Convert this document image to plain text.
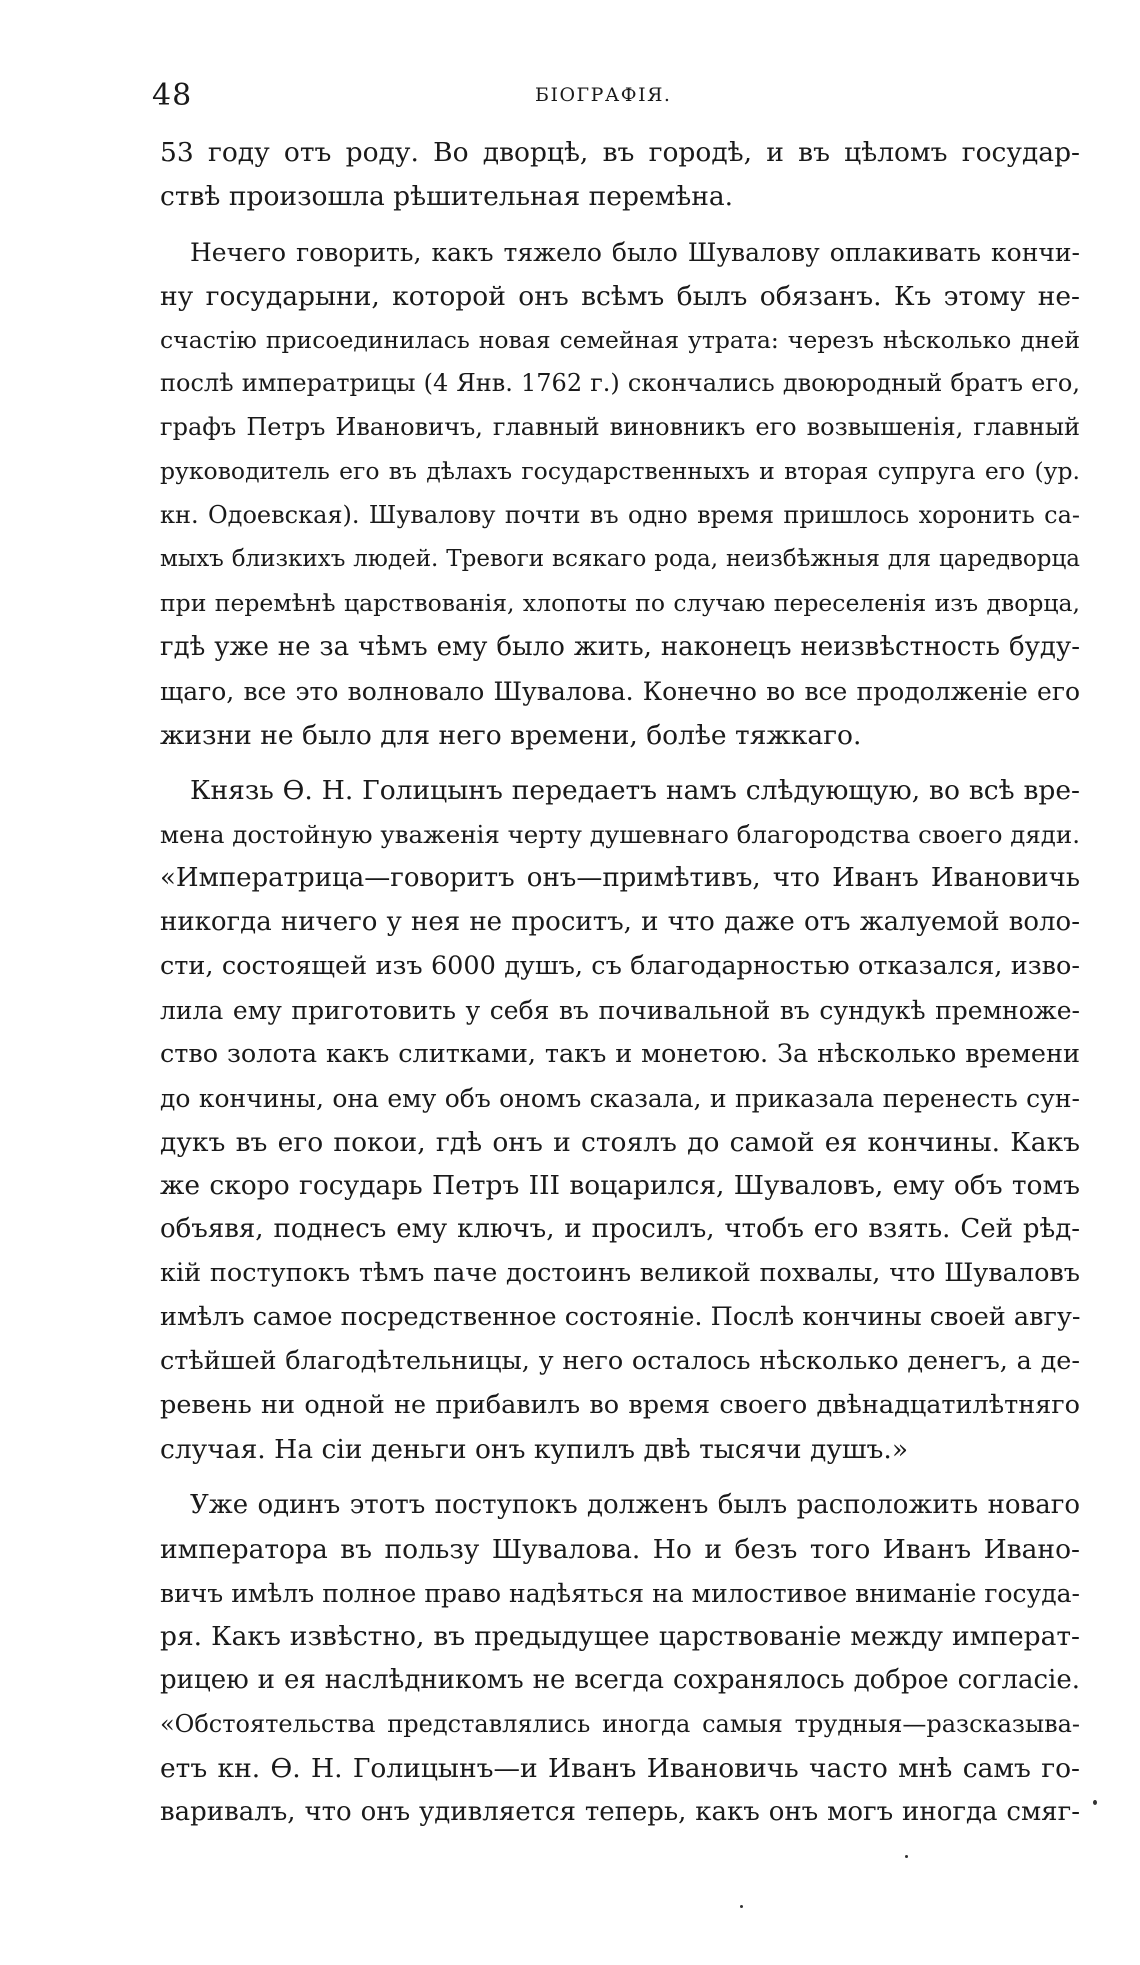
48	БІОГРАФІЯ.
53 году отъ роду. Во дворцѣ, въ городѣ, и въ цѣломъ государ-
ствѣ произошла рѣшительная перемѣна.
Нечего говорить, какъ тяжело было Шувалову оплакивать кончи-
ну государыни, которой онъ всѣмъ былъ обязанъ. Къ этому не-
счастію присоединилась новая семейная утрата: черезъ нѣсколько дней
послѣ императрицы (4 Янв. 1762 г.) скончались двоюродный братъ его,
графъ Петръ Ивановичъ, главный виновникъ его возвышенія, главный
руководитель его въ дѣлахъ государственныхъ и вторая супруга его (ур.
кн. Одоевская). Шувалову почти въ одно время пришлось хоронить са-
мыхъ близкихъ людей. Тревоги всякаго рода, неизбѣжныя для царедворца
при перемѣнѣ царствованія, хлопоты по случаю переселенія изъ дворца,
гдѣ уже не за чѣмъ ему было жить, наконецъ неизвѣстность буду-
щаго, все это волновало Шувалова. Конечно во все продолженіе его
жизни не было для него времени, болѣе тяжкаго.
Князь Ѳ. Н. Голицынъ передаетъ намъ слѣдующую, во всѣ вре-
мена достойную уваженія черту душевнаго благородства своего дяди.
«Императрица—говоритъ онъ—примѣтивъ, что Иванъ Ивановичь
никогда ничего у нея не проситъ, и что даже отъ жалуемой воло-
сти, состоящей изъ 6000 душъ, съ благодарностью отказался, изво-
лила ему приготовить у себя въ почивальной въ сундукѣ премноже-
ство золота какъ слитками, такъ и монетою. За нѣсколько времени
до кончины, она ему объ ономъ сказала, и приказала перенесть сун-
дукъ въ его покои, гдѣ онъ и стоялъ до самой ея кончины. Какъ
же скоро государь Петръ III воцарился, Шуваловъ, ему объ томъ
объявя, поднесъ ему ключъ, и просилъ, чтобъ его взять. Сей рѣд-
кій поступокъ тѣмъ паче достоинъ великой похвалы, что Шуваловъ
имѣлъ самое посредственное состояніе. Послѣ кончины своей авгу-
стѣйшей благодѣтельницы, у него осталось нѣсколько денегъ, а де-
ревень ни одной не прибавилъ во время своего двѣнадцатилѣтняго
случая. На сіи деньги онъ купилъ двѣ тысячи душъ.»
Уже одинъ этотъ поступокъ долженъ былъ расположить новаго
императора въ пользу Шувалова. Но и безъ того Иванъ Ивано-
вичъ имѣлъ полное право надѣяться на милостивое вниманіе госуда-
ря. Какъ извѣстно, въ предыдущее царствованіе между императ-
рицею и ея наслѣдникомъ не всегда сохранялось доброе согласіе.
«Обстоятельства представлялись иногда самыя трудныя—разсказыва-
етъ кн. Ѳ. Н. Голицынъ—и Иванъ Ивановичь часто мнѣ самъ го-
варивалъ, что онъ удивляется теперь, какъ онъ могъ иногда смяг-
